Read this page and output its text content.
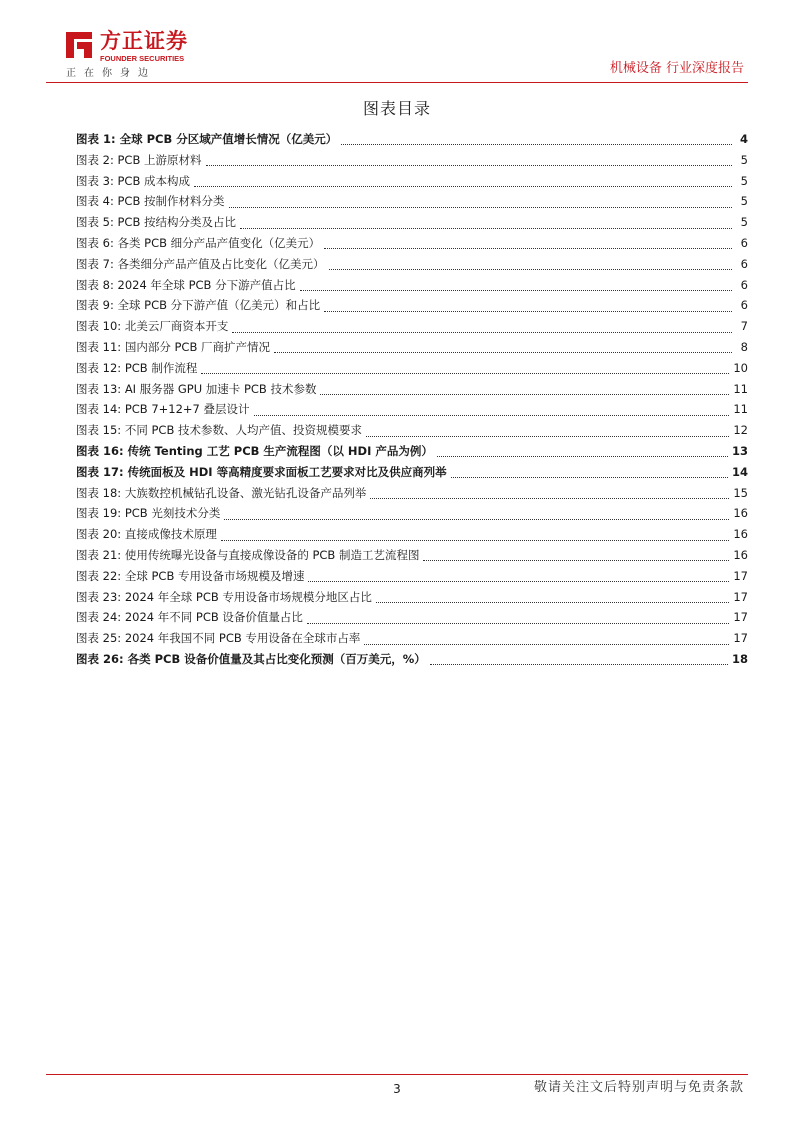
方正证券
FOUNDER SECURITIES
正在你身边	机械设备 行业深度报告
图表目录
图表 1: 全球 PCB 分区域产值增长情况（亿美元）	4
图表 2: PCB 上游原材料	5
图表 3: PCB 成本构成	5
图表 4: PCB 按制作材料分类	5
图表 5: PCB 按结构分类及占比	5
图表 6: 各类 PCB 细分产品产值变化（亿美元）	6
图表 7: 各类细分产品产值及占比变化（亿美元）	6
图表 8: 2024 年全球 PCB 分下游产值占比	6
图表 9: 全球 PCB 分下游产值（亿美元）和占比	6
图表 10: 北美云厂商资本开支	7
图表 11: 国内部分 PCB 厂商扩产情况	8
图表 12: PCB 制作流程	10
图表 13: AI 服务器 GPU 加速卡 PCB 技术参数	11
图表 14: PCB 7+12+7 叠层设计	11
图表 15: 不同 PCB 技术参数、人均产值、投资规模要求	12
图表 16: 传统 Tenting 工艺 PCB 生产流程图（以 HDI 产品为例）	13
图表 17: 传统面板及 HDI 等高精度要求面板工艺要求对比及供应商列举	14
图表 18: 大族数控机械钻孔设备、激光钻孔设备产品列举	15
图表 19: PCB 光刻技术分类	16
图表 20: 直接成像技术原理	16
图表 21: 使用传统曝光设备与直接成像设备的 PCB 制造工艺流程图	16
图表 22: 全球 PCB 专用设备市场规模及增速	17
图表 23: 2024 年全球 PCB 专用设备市场规模分地区占比	17
图表 24: 2024 年不同 PCB 设备价值量占比	17
图表 25: 2024 年我国不同 PCB 专用设备在全球市占率	17
图表 26: 各类 PCB 设备价值量及其占比变化预测（百万美元，%）	18
3	敬请关注文后特别声明与免责条款
